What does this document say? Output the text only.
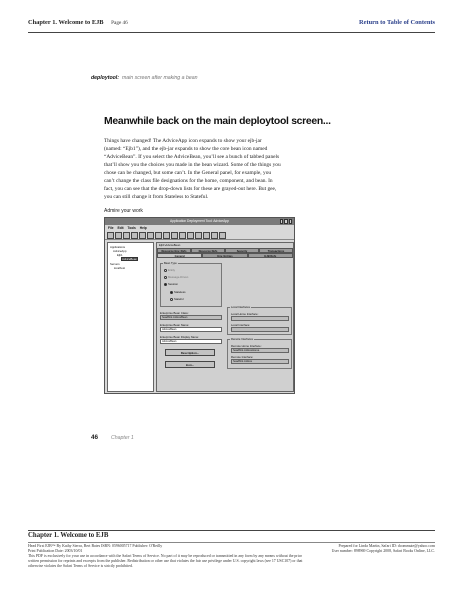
Chapter 1. Welcome to EJB Page 46	Return to Table of Contents
deploytool: main screen after making a bean
Meanwhile back on the main deploytool screen...
Things have changed! The AdviceApp icon expands to show your ejb-jar
(named: “Ejb1”), and the ejb-jar expands to show the core bean icon named
“AdviceBean”. If you select the AdviceBean, you’ll see a bunch of tabbed panels
that’ll show you the choices you made in the bean wizard. Some of the things you
chose can be changed, but some can’t. In the General panel, for example, you
can’t change the class file designations for the home, component, and bean. In
fact, you can see that the drop-down lists for these are grayed-out here. But gee,
you can still change it from Stateless to Stateful.
Admire your work
Application Deployment Tool: AdviceApp
File Edit Tools Help
Applications
AdviceApp
Ejb1
AdviceBean
Servers
localhost
Ejb1\AdviceBean
Resource Env. Refs	Resource Refs	Security	Transactions
General	Env. Entries	EJB Refs
Bean Type
Entity
Message-Driven
Session
Stateless
Stateful
Enterprise Bean Class:
headfirst.AdviceBean
Enterprise Bean Name:
AdviceBean
Enterprise Bean Display Name:
AdviceBean
Description...
Icon...
Local Interfaces
Local Home Interface:
Local Interface:
Remote Interfaces
Remote Home Interface:
headfirst.AdviceHome
Remote Interface:
headfirst.Advice
46 Chapter 1
Chapter 1. Welcome to EJB
Head First EJB™ By Kathy Sierra, Bert Bates ISBN: 0596005717 Publisher: O'Reilly	Prepared for Linda Martin, Safari ID: dcommute@yahoo.com
Print Publication Date: 2003/10/01	User number: 898969 Copyright 2008, Safari Books Online, LLC.
This PDF is exclusively for your use in accordance with the Safari Terms of Service. No part of it may be reproduced or transmitted in any form by any means without the prior
written permission for reprints and excerpts from the publisher. Redistribution or other use that violates the fair use privilege under U.S. copyright laws (see 17 USC107) or that
otherwise violates the Safari Terms of Service is strictly prohibited.
